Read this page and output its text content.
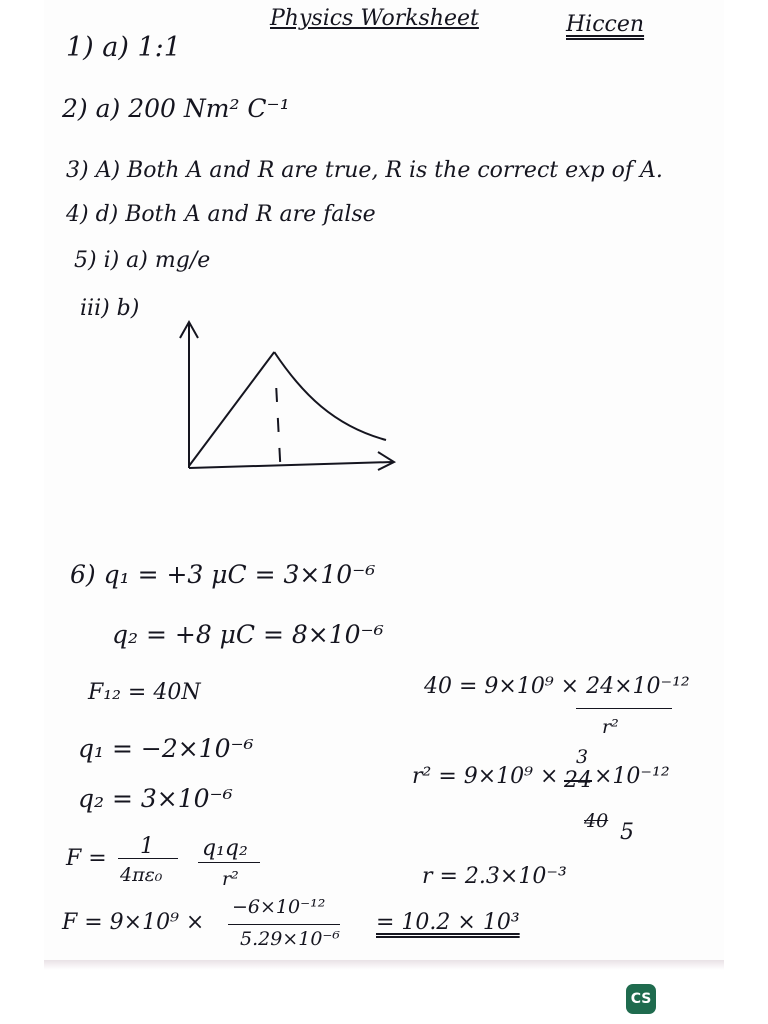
Physics Worksheet	Hiccen
1) a) 1:1
2) a) 200 Nm² C⁻¹
3) A) Both A and R are true, R is the correct exp of A.
4) d) Both A and R are false
5) i) a) mg/e
iii) b)
6) q₁ = +3 μC = 3×10⁻⁶
q₂ = +8 μC = 8×10⁻⁶
F₁₂ = 40N	40 = 9×10⁹ × 24×10⁻¹²
r²
q₁ = −2×10⁻⁶
q₂ = 3×10⁻⁶
3
r² = 9×10⁹ × 24 ×10⁻¹²
40 5
F = 1
4πε₀
q₁q₂
r²	r = 2.3×10⁻³
F = 9×10⁹ ×
−6×10⁻¹²
5.29×10⁻⁶
= 10.2 × 10³
CS
